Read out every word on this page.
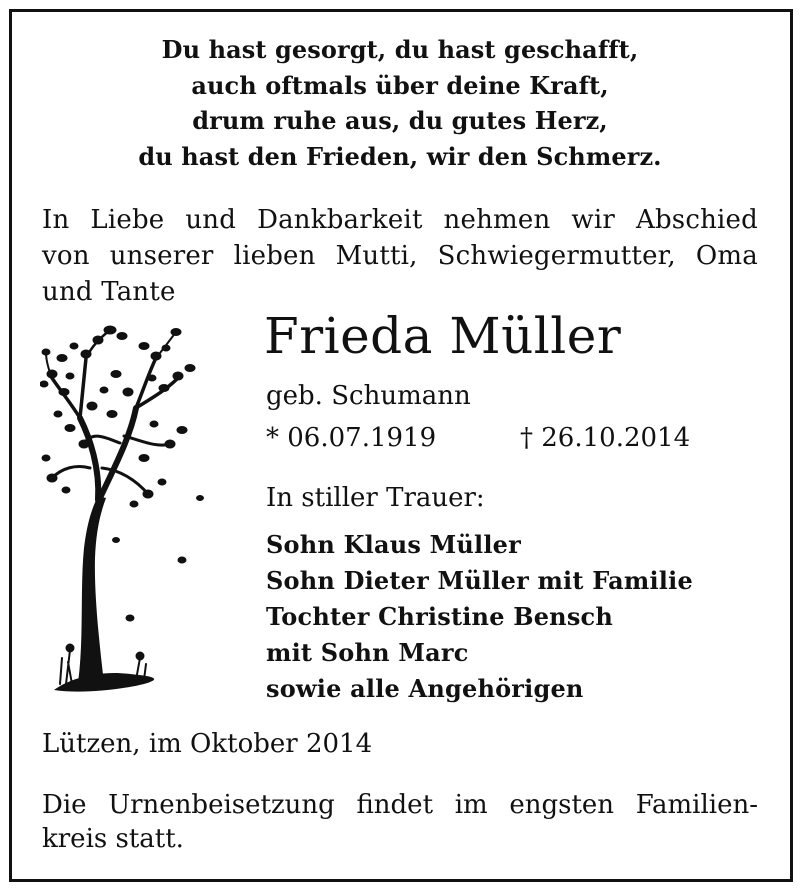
Du hast gesorgt, du hast geschafft,
auch oftmals über deine Kraft,
drum ruhe aus, du gutes Herz,
du hast den Frieden, wir den Schmerz.
In Liebe und Dankbarkeit nehmen wir Abschied
von unserer lieben Mutti, Schwiegermutter, Oma
und Tante
Frieda Müller
geb. Schumann
* 06.07.1919	† 26.10.2014
In stiller Trauer:
Sohn Klaus Müller
Sohn Dieter Müller mit Familie
Tochter Christine Bensch
mit Sohn Marc
sowie alle Angehörigen
Lützen, im Oktober 2014
Die Urnenbeisetzung findet im engsten Familien-
kreis statt.
